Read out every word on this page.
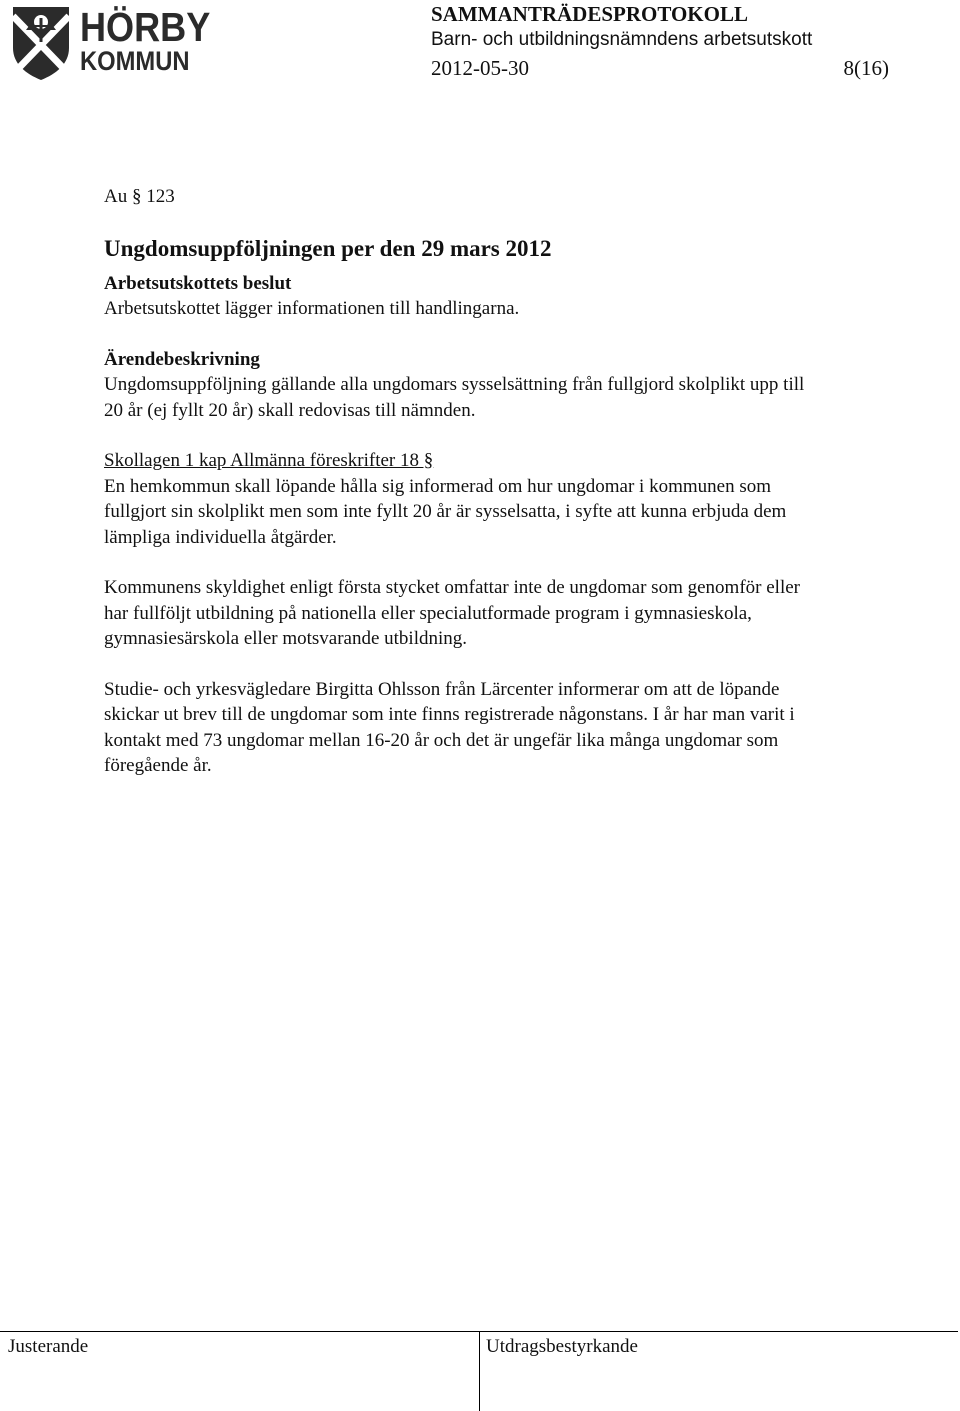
HÖRBY
KOMMUN
SAMMANTRÄDESPROTOKOLL
Barn- och utbildningsnämndens arbetsutskott
2012-05-30	8(16)

Au § 123

Ungdomsuppföljningen per den 29 mars 2012
Arbetsutskottets beslut

Arbetsutskottet lägger informationen till handlingarna.

Ärendebeskrivning

Ungdomsuppföljning gällande alla ungdomars sysselsättning från fullgjord skolplikt upp till 20 år (ej fyllt 20 år) skall redovisas till nämnden.

Skollagen 1 kap Allmänna föreskrifter 18 §

En hemkommun skall löpande hålla sig informerad om hur ungdomar i kommunen som fullgjort sin skolplikt men som inte fyllt 20 år är sysselsatta, i syfte att kunna erbjuda dem lämpliga individuella åtgärder.

Kommunens skyldighet enligt första stycket omfattar inte de ungdomar som genomför eller har fullföljt utbildning på nationella eller specialutformade program i gymnasieskola, gymnasiesärskola eller motsvarande utbildning.

Studie- och yrkesvägledare Birgitta Ohlsson från Lärcenter informerar om att de löpande skickar ut brev till de ungdomar som inte finns registrerade någonstans. I år har man varit i kontakt med 73 ungdomar mellan 16-20 år och det är ungefär lika många ungdomar som föregående år.

Justerande	Utdragsbestyrkande
